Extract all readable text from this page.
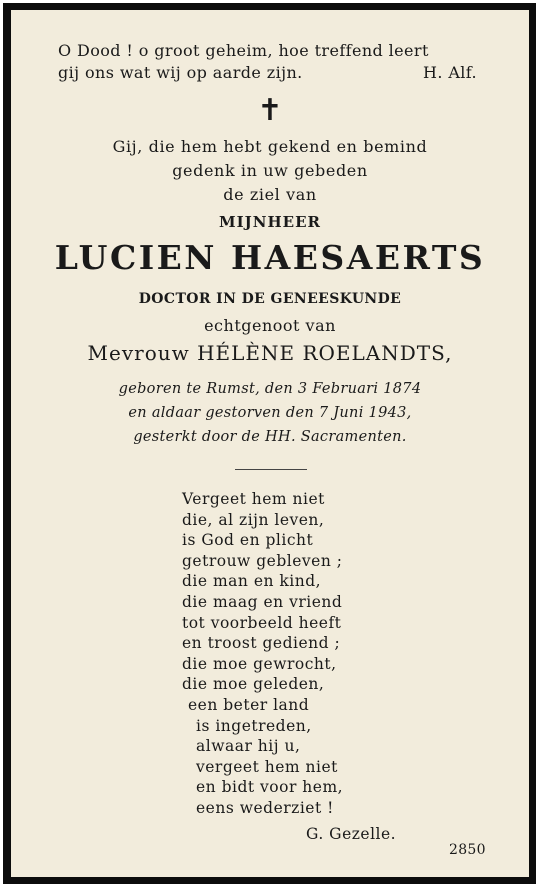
O Dood ! o groot geheim, hoe treffend leert
gij ons wat wij op aarde zijn.	H. Alf.
✝
Gij, die hem hebt gekend en bemind
gedenk in uw gebeden
de ziel van
MIJNHEER
LUCIEN HAESAERTS
DOCTOR IN DE GENEESKUNDE
echtgenoot van
Mevrouw HÉLÈNE ROELANDTS,
geboren te Rumst, den 3 Februari 1874
en aldaar gestorven den 7 Juni 1943,
gesterkt door de HH. Sacramenten.
Vergeet hem niet
die, al zijn leven,
is God en plicht
getrouw gebleven ;
die man en kind,
die maag en vriend
tot voorbeeld heeft
en troost gediend ;
die moe gewrocht,
die moe geleden,
een beter land
is ingetreden,
alwaar hij u,
vergeet hem niet
en bidt voor hem,
eens wederziet !
G. Gezelle.
2850
